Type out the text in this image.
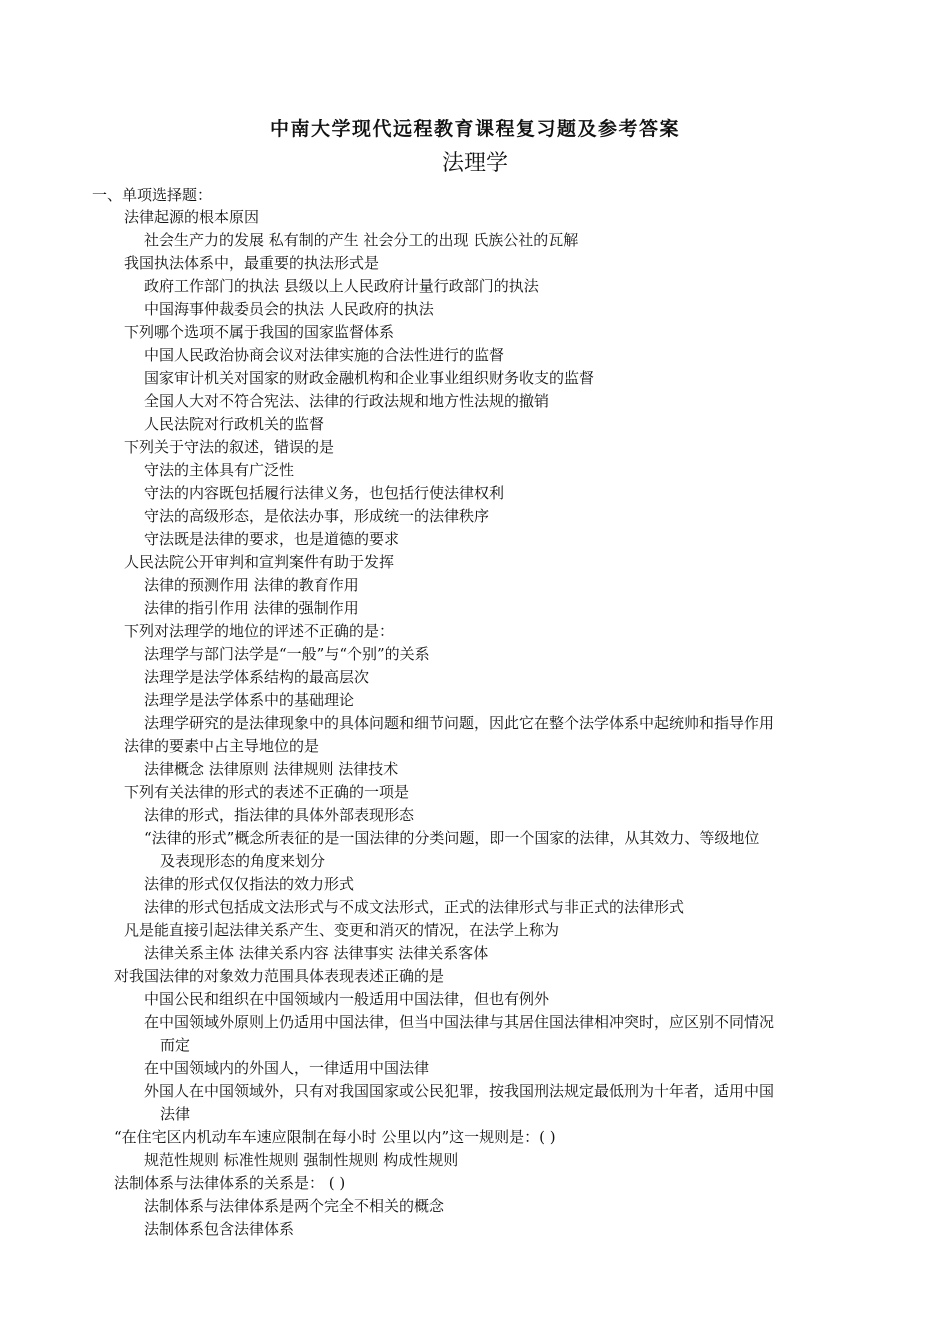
中南大学现代远程教育课程复习题及参考答案
法理学
一、单项选择题：
法律起源的根本原因
社会生产力的发展 私有制的产生 社会分工的出现 氏族公社的瓦解
我国执法体系中，最重要的执法形式是
政府工作部门的执法 县级以上人民政府计量行政部门的执法
中国海事仲裁委员会的执法 人民政府的执法
下列哪个选项不属于我国的国家监督体系
中国人民政治协商会议对法律实施的合法性进行的监督
国家审计机关对国家的财政金融机构和企业事业组织财务收支的监督
全国人大对不符合宪法、法律的行政法规和地方性法规的撤销
人民法院对行政机关的监督
下列关于守法的叙述，错误的是
守法的主体具有广泛性
守法的内容既包括履行法律义务，也包括行使法律权利
守法的高级形态，是依法办事，形成统一的法律秩序
守法既是法律的要求，也是道德的要求
人民法院公开审判和宣判案件有助于发挥
法律的预测作用 法律的教育作用
法律的指引作用 法律的强制作用
下列对法理学的地位的评述不正确的是：
法理学与部门法学是“一般”与“个别”的关系
法理学是法学体系结构的最高层次
法理学是法学体系中的基础理论
法理学研究的是法律现象中的具体问题和细节问题，因此它在整个法学体系中起统帅和指导作用
法律的要素中占主导地位的是
法律概念 法律原则 法律规则 法律技术
下列有关法律的形式的表述不正确的一项是
法律的形式，指法律的具体外部表现形态
“法律的形式”概念所表征的是一国法律的分类问题，即一个国家的法律，从其效力、等级地位
及表现形态的角度来划分
法律的形式仅仅指法的效力形式
法律的形式包括成文法形式与不成文法形式，正式的法律形式与非正式的法律形式
凡是能直接引起法律关系产生、变更和消灭的情况，在法学上称为
法律关系主体 法律关系内容 法律事实 法律关系客体
对我国法律的对象效力范围具体表现表述正确的是
中国公民和组织在中国领域内一般适用中国法律，但也有例外
在中国领域外原则上仍适用中国法律，但当中国法律与其居住国法律相冲突时，应区别不同情况
而定
在中国领域内的外国人，一律适用中国法律
外国人在中国领域外，只有对我国国家或公民犯罪，按我国刑法规定最低刑为十年者，适用中国
法律
“在住宅区内机动车车速应限制在每小时 公里以内”这一规则是：( )
规范性规则 标准性规则 强制性规则 构成性规则
法制体系与法律体系的关系是： ( )
法制体系与法律体系是两个完全不相关的概念
法制体系包含法律体系
